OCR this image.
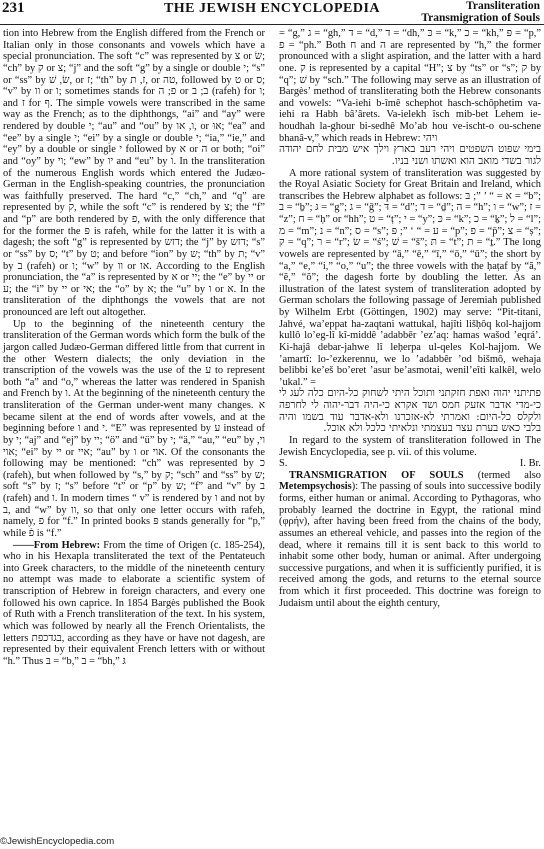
231	THE JEWISH ENCYCLOPEDIA	Transliteration
Transmigration of Souls

tion into Hebrew from the English differed from the French or Italian only in those consonants and vowels which have a special pronunciation. The soft “c” was represented by צ or שׂ; “ch” by ק or צ; “j” and the soft “g” by a single or double י; “s” or “ss” by שׂ, שׁ, or ז; “th” by ז, ת, or טה, followed by ט or ס; “v” by וו or ו; sometimes stands for פ; ה or ב; ב (rafeh) for ו; and ז for ף. The simple vowels were transcribed in the same way as the French; as to the diphthongs, “ai” and “ay” were rendered by double י; “au” and “ou” by ו, או, or אוּ; “ea” and “ee” by a single י; “ei” by a single or double י; “ia,” “ie,” and “ey” by a double or single י followed by א or ה or both; “oi” and “oy” by וי; “ew” by יו and “eu” by ו. In the transliteration of the numerous English words which entered the Judæo-German in the English-speaking countries, the pronunciation was faithfully preserved. The hard “c,” “ch,” and “q” are represented by ק, while the soft “c” is rendered by צ; the “f” and “p” are both rendered by פ, with the only difference that for the former the פּ is rafeh, while for the latter it is with a dagesh; the soft “g” is represented by דזש; the “j” by דזש; “s” or “ss” by ס; “t” by ט; and before “ion” by ש; “th” by ת; “v” by ב (rafeh) or ו; “w” by וו or או. According to the English pronunciation, the “a” is represented by א or יי; the “e” by יי or ע; the “i” by יי or אי; the “o” by א; the “u” by ו or א. In the transliteration of the diphthongs the vowels that are not pronounced are left out altogether.

Up to the beginning of the nineteenth century the transliteration of the German words which form the bulk of the jargon called Judæo-German differed little from that current in the other Western dialects; the only deviation in the transcription of the vowels was the use of the ע to represent both “a” and “o,” whereas the latter was rendered in Spanish and French by ו. At the beginning of the nineteenth century the transliteration of the German under-went many changes. א became silent at the end of words after vowels, and at the beginning before ו and י. “E” was represented by ע instead of by י; “aj” and “ej” by יי; “ö” and “ü” by י; “ä,” “au,” “eu” by וי, אוי; “ei” by יי or איי; “au” by ו or אוי. Of the consonants the following may be mentioned: “ch” was represented by כ (rafeh), but when followed by “s,” by ק; “sch” and “ss” by ש; soft “s” by ז; “s” before “t” or “p” by ש; “f” and “v” by ב (rafeh) and ו. In modern times “ v” is rendered by ו and not by ב, and “w” by וו, so that only one letter occurs with rafeh, namely, פ for “f.” In printed books פּ stands generally for “p,” while פֿ is “f.”

——From Hebrew: From the time of Origen (c. 185-254), who in his Hexapla transliterated the text of the Pentateuch into Greek characters, to the middle of the nineteenth century no attempt was made to elaborate a scientific system of transcription of Hebrew in foreign characters, and every one followed his own caprice. In 1854 Bargès published the Book of Ruth with a French transliteration of the text. In his system, which was followed by nearly all the French Orientalists, the letters בגדכפת, according as they have or have not dagesh, are represented by their equivalent French letters with or without “h.” Thus בּ = “b,” ב = “bh,” גּ

= “g,” ג = “gh,” ד = “d,” ד = “dh,” כּ = “k,” כ = “kh,” פּ = “p,” פ = “ph.” Both ח and ה are represented by “h,” the former pronounced with a slight aspiration, and the latter with a hard one. ק is represented by a capital “H”; צ by “ts” or “s”; ק by “q”; שׁ by “sch.” The following may serve as an illustration of Bargès’ method of transliterating both the Hebrew consonants and vowels: “Va-iehi b-îmê schephot hasch-schôphetim va-iehi ra Habh bâ’ârets. Va-ielekh îsch mib-bet Lehem ie-houdhah la-ghour bi-sedhê Mo’ab hou ve-ischt-o ou-schene bhanâ-v,” which reads in Hebrew: ויהי

בימי שפוט השפטים ויהי רעב בארץ וילך איש מבית לחם יהודה לגור בשדי מואב הוא ואשתו ושני בניו.

A more rational system of transliteration was suggested by the Royal Asiatic Society for Great Britain and Ireland, which transcribes the Hebrew alphabet as follows: א = “ ’ ”; בּ = “b”; ב = “ḇ”; גּ = “g”; ג = “ḡ”; דּ = “d”; ד = “ḏ”; ה = “h”; ו = “w”; ז = “z”; ח = “ḥ” or “hh”; ט = “ṭ”; י = “y”; כּ = “k”; כ = “ḵ”; ל = “l”; מ = “m”; נ = “n”; ס = “s”; ע = “ ‘ ”; פּ = “p”; פ = “p̄”; צ = “ṣ”; ק = “q”; ר = “r”; שׂ = “ś”; שׁ = “š”; תּ = “t”; ת = “ṯ.” The long vowels are represented by “ā,” “ē,” “ī,” “ō,” “ū”; the short by “a,” “e,” “i,” “o,” “u”; the three vowels with the ḥaṭaf by “ă,” “ĕ,” “ŏ”; the dagesh forte by doubling the letter. As an illustration of the latest system of transliteration adopted by German scholars the following passage of Jeremiah published by Wilhelm Erbt (Göttingen, 1902) may serve: “Pit-titani, Jahvé, wa’eppat ha-zaqtani wattukal, hajîti lišḥôq kol-hajjom kullô lo’eg-lî kî-middê ’adabbēr ’ez’aq: hamas wašod ’eqrá’. Ki-hajâ debar-jahwe lî leḥerpa ul-qeles Kol-hajjom. We ’amartî: lo-’ezkerennu, we lo ’adabbêr ’od bišmô, wehaja belibbi ke’eš bo’eret ’asur be’asmotai, wenil’eîti kalkêl, welo ’ukal.” =

פתיתני יהוה ואפת חזקתני ותוכל היתי לשחוק כל-היום כלה לעג לי כי-מדי אדבר אזעק חמס ושד אקרא כי-היה דבר-יהוה לי לחרפה ולקלס כל-היום: ואמרתי לא-אזכרנו ולא-אדבר עוד בשמו והיה בלבי כאש בערת עצר בעצמתי ונלאיתי כלכל ולא אוכל.

In regard to the system of transliteration followed in The Jewish Encyclopedia, see p. vii. of this volume.

S.	I. Br.

TRANSMIGRATION OF SOULS (termed also Metempsychosis): The passing of souls into successive bodily forms, either human or animal. According to Pythagoras, who probably learned the doctrine in Egypt, the rational mind (φρήν), after having been freed from the chains of the body, assumes an ethereal vehicle, and passes into the region of the dead, where it remains till it is sent back to this world to inhabit some other body, human or animal. After undergoing successive purgations, and when it is sufficiently purified, it is received among the gods, and returns to the eternal source from which it first proceeded. This doctrine was foreign to Judaism until about the eighth century,

©JewishEncyclopedia.com
